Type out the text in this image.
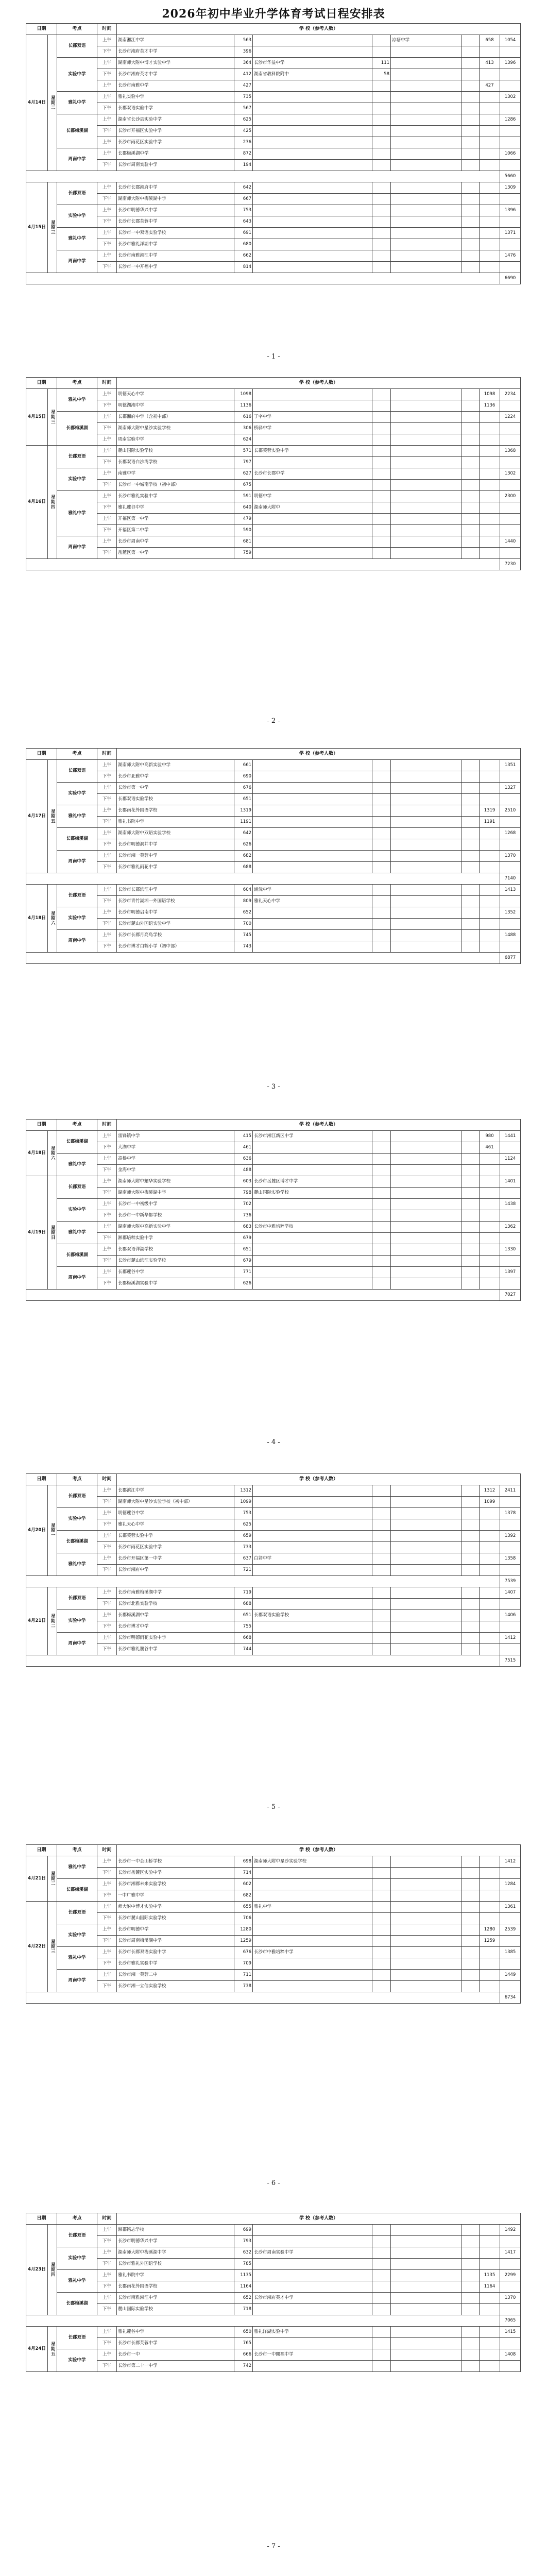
2026年初中毕业升学体育考试日程安排表
日期		考点	时间	学 校（参考人数）							
4月14日	星期二	长郡双语	上午	湖南湘江中学	563			凉塘中学		658	1054
			下午	长沙市湘府英才中学	396						
		实验中学	上午	湖南师大附中博才实验中学	364	长沙市华益中学	111			413	1396
			下午	长沙市湘府英才中学	412	湖南省教科院附中	58				
			上午	长沙市南雅中学	427					427	
		雅礼中学	上午	雅礼实验中学	735						1302
			下午	长郡双语实验中学	567						
		长郡梅溪湖	上午	湖南省长沙县实验中学	625						1286
			下午	长沙市开福区实验中学	425						
			上午	长沙市雨花区实验中学	236						
		周南中学	上午	长郡梅溪湖中学	872						1066
			下午	长沙市周南实验中学	194						
											5660
4月15日	星期三	长郡双语	上午	长沙市长郡湘府中学	642						1309
			下午	湖南师大附中梅溪湖中学	667						
		实验中学	上午	长沙市明德华兴中学	753						1396
			下午	长沙市长郡芙蓉中学	643						
		雅礼中学	上午	长沙市一中双语实验学校	691						1371
			下午	长沙市雅礼洋湖中学	680						
		周南中学	上午	长沙市南雅湘江中学	662						1476
			下午	长沙市一中开福中学	814						
											6690
- 1 -
日期		考点	时间	学 校（参考人数）							
4月15日	星期三	雅礼中学	上午	明德天心中学	1098					1098	2234
			下午	明德湖湘中学	1136					1136	
		长郡梅溪湖	上午	长郡湘府中学（含初中部）	616	丁字中学					1224
			下午	湖南师大附中星沙实验学校	306	桥驿中学					
			上午	周南实验中学	624						
4月16日	星期四	长郡双语	上午	麓山国际实验学校	571	长郡芙蓉实验中学					1368
			下午	长郡双语白沙湾学校	797						
		实验中学	上午	南雅中学	627	长沙市长郡中学					1302
			下午	长沙市一中城南学校（初中部）	675						
		雅礼中学	上午	长沙市雅礼实验中学	591	明德中学					2300
			下午	雅礼麓谷中学	640	湖南师大附中					
			上午	开福区第一中学	479						
			下午	开福区第二中学	590						
		周南中学	上午	长沙市周南中学	681						1440
			下午	岳麓区第一中学	759						
											7230
- 2 -
日期		考点	时间	学 校（参考人数）							
4月17日	星期五	长郡双语	上午	湖南师大附中高新实验中学	661						1351
			下午	长沙市北雅中学	690						
		实验中学	上午	长沙市第一中学	676						1327
			下午	长郡双语实验学校	651						
		雅礼中学	上午	长郡雨花外国语学校	1319					1319	2510
			下午	雅礼书院中学	1191					1191	
		长郡梅溪湖	上午	湖南师大附中双语实验学校	642						1268
			下午	长沙市明德洞井中学	626						
		周南中学	上午	长沙市湘一芙蓉中学	682						1370
			下午	长沙市雅礼雨花中学	688						
											7140
4月18日	星期六	长郡双语	上午	长沙市长郡滨江中学	604	浦沅中学					1413
			下午	长沙市青竹湖湘一外国语学校	809	雅礼天心中学					
		实验中学	上午	长沙市明德启南中学	652						1352
			下午	长沙市麓山外国语实验中学	700						
		周南中学	上午	长沙市长郡月亮岛学校	745						1488
			下午	长沙市博才白鹤小学（初中部）	743						
											6877
- 3 -
日期		考点	时间	学 校（参考人数）							
4月18日	星期六	长郡梅溪湖	上午	雷锋镇中学	415	长沙市湘江新区中学				980	1441
			下午	大湖中学	461					461	
		雅礼中学	上午	高桥中学	636						1124
			下午	金海中学	488						
4月19日	星期日	长郡双语	上午	湖南师大附中耀华实验学校	603	长沙市岳麓区博才中学					1401
			下午	湖南师大附中梅溪湖中学	798	麓山国际实验学校					
		实验中学	上午	长沙市一中初级中学	702						1438
			下午	长沙市一中新华都学校	736						
		雅礼中学	上午	湖南师大附中高新实验中学	683	长沙市中雅培粹学校					1362
			下午	湘郡培粹实验中学	679						
		长郡梅溪湖	上午	长郡双语洋湖学校	651						1330
			下午	长沙市麓山滨江实验学校	679						
		周南中学	上午	长郡麓谷中学	771						1397
			下午	长郡梅溪湖实验中学	626						
											7027
- 4 -
日期		考点	时间	学 校（参考人数）							
4月20日	星期一	长郡双语	上午	长郡滨江中学	1312					1312	2411
			下午	湖南师大附中星沙实验学校（初中部）	1099					1099	
		实验中学	上午	明德麓谷中学	753						1378
			下午	雅礼天心中学	625						
		长郡梅溪湖	上午	长郡芙蓉实验中学	659						1392
			下午	长沙市雨花区实验中学	733						
		雅礼中学	上午	长沙市开福区第一中学	637	白箬中学					1358
			下午	长沙市湘府中学	721						
											7539
4月21日	星期二	长郡双语	上午	长沙市南雅梅溪湖中学	719						1407
			下午	长沙市北雅实验学校	688						
		实验中学	上午	长郡梅溪湖中学	651	长郡双语实验学校					1406
			下午	长沙市博才中学	755						
		周南中学	上午	长沙市明德雨花实验中学	668						1412
			下午	长沙市雅礼麓谷中学	744						
											7515
- 5 -
日期		考点	时间	学 校（参考人数）							
4月21日	星期二	雅礼中学	上午	长沙市一中金山桥学校	698	湖南师大附中星沙实验学校					1412
			下午	长沙市岳麓区实验中学	714						
		长郡梅溪湖	上午	长沙市湘郡未来实验学校	602						1284
			下午	一中广雅中学	682						
4月22日	星期三	长郡双语	上午	师大附中博才实验中学	655	雅礼中学					1361
			下午	长沙市麓山国际实验学校	706						
		实验中学	上午	长沙市明德中学	1280					1280	2539
			下午	长沙市周南梅溪湖中学	1259					1259	
		雅礼中学	上午	长沙市长郡双语实验中学	676	长沙市中雅培粹中学					1385
			下午	长沙市雅礼实验中学	709						
		周南中学	上午	长沙市湘一芙蓉二中	711						1449
			下午	长沙市湘一立信实验学校	738						
											6734
- 6 -
日期		考点	时间	学 校（参考人数）							
4月23日	星期四	长郡双语	上午	湘郡铭志学校	699						1492
			下午	长沙市明德华兴中学	793						
		实验中学	上午	湖南师大附中梅溪湖中学	632	长沙市周南实验中学					1417
			下午	长沙市雅礼外国语学校	785						
		雅礼中学	上午	雅礼书院中学	1135					1135	2299
			下午	长郡雨花外国语学校	1164					1164	
		长郡梅溪湖	上午	长沙市南雅湘江中学	652	长沙市湘府英才中学					1370
			下午	麓山国际实验学校	718						
											7065
4月24日	星期五	长郡双语	上午	雅礼麓谷中学	650	雅礼洋湖实验中学					1415
			下午	长沙市长郡芙蓉中学	765						
		实验中学	上午	长沙市一中	666	长沙市一中開福中学					1408
			下午	长沙市第二十一中学	742						
- 7 -
